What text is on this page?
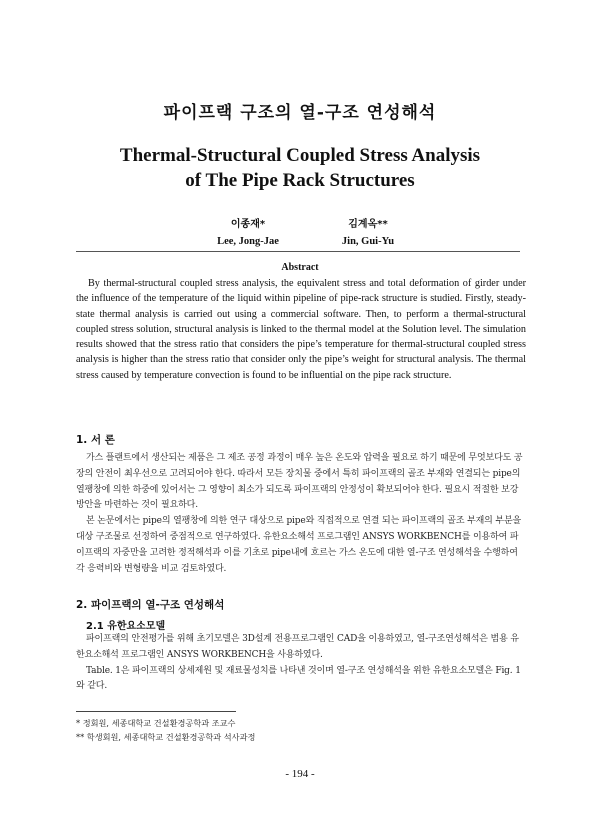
파이프랙 구조의 열-구조 연성해석
Thermal-Structural Coupled Stress Analysis
of The Pipe Rack Structures
이종재*
Lee, Jong-Jae
김계옥**
Jin, Gui-Yu
Abstract
By thermal-structural coupled stress analysis, the equivalent stress and total deformation of girder under the influence of the temperature of the liquid within pipeline of pipe-rack structure is studied. Firstly, steady-state thermal analysis is carried out using a commercial software. Then, to perform a thermal-structural coupled stress solution, structural analysis is linked to the thermal model at the Solution level. The simulation results showed that the stress ratio that considers the pipe’s temperature for thermal-structural coupled stress analysis is higher than the stress ratio that consider only the pipe’s weight for structural analysis. The thermal stress caused by temperature convection is found to be influential on the pipe rack structure.
1. 서 론

가스 플랜트에서 생산되는 제품은 그 제조 공정 과정이 매우 높은 온도와 압력을 필요로 하기 때문에 무엇보다도 공장의 안전이 최우선으로 고려되어야 한다. 따라서 모든 장치물 중에서 특히 파이프랙의 골조 부재와 연결되는 pipe의 열팽창에 의한 하중에 있어서는 그 영향이 최소가 되도록 파이프랙의 안정성이 확보되어야 한다. 필요시 적절한 보강방안을 마련하는 것이 필요하다.

본 논문에서는 pipe의 열팽창에 의한 연구 대상으로 pipe와 직접적으로 연결 되는 파이프랙의 골조 부재의 부분을 대상 구조물로 선정하여 중점적으로 연구하였다. 유한요소해석 프로그램인 ANSYS WORKBENCH를 이용하여 파이프랙의 자중만을 고려한 정적해석과 이를 기초로 pipe내에 흐르는 가스 온도에 대한 열-구조 연성해석을 수행하여 각 응력비와 변형량을 비교 검토하였다.

2. 파이프랙의 열-구조 연성해석
2.1 유한요소모델

파이프랙의 안전평가를 위해 초기모델은 3D설계 전용프로그램인 CAD을 이용하였고, 열-구조연성해석은 범용 유한요소해석 프로그램인 ANSYS WORKBENCH을 사용하였다.

Table. 1은 파이프랙의 상세제원 및 재료물성치를 나타낸 것이며 열-구조 연성해석을 위한 유한요소모델은 Fig. 1와 같다.

* 정회원, 세종대학교 건설환경공학과 조교수
** 학생회원, 세종대학교 건설환경공학과 석사과정
- 194 -
